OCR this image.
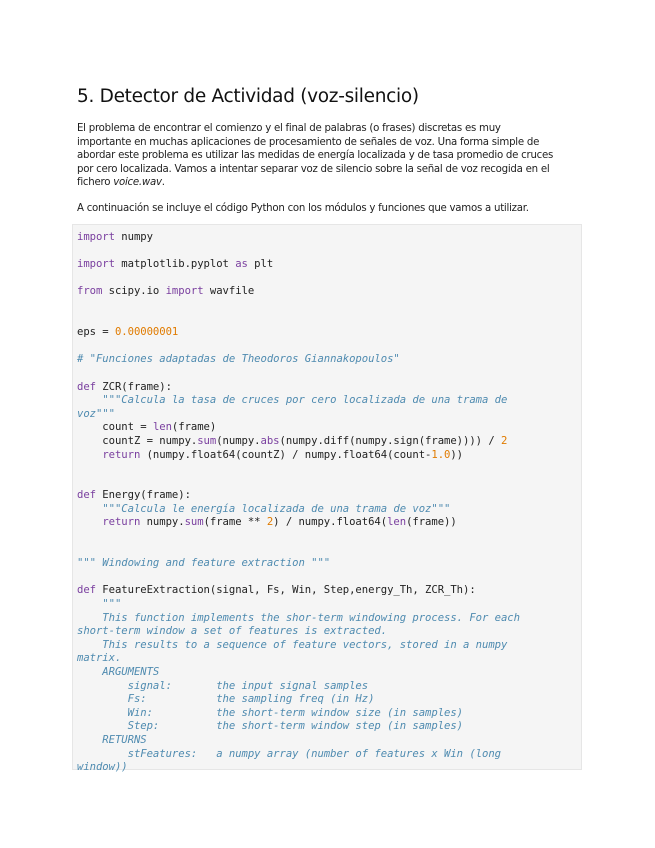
5. Detector de Actividad (voz-silencio)

El problema de encontrar el comienzo y el final de palabras (o frases) discretas es muy
importante en muchas aplicaciones de procesamiento de señales de voz. Una forma simple de
abordar este problema es utilizar las medidas de energía localizada y de tasa promedio de cruces
por cero localizada. Vamos a intentar separar voz de silencio sobre la señal de voz recogida en el
fichero voice.wav.

A continuación se incluye el código Python con los módulos y funciones que vamos a utilizar.

import numpy

import matplotlib.pyplot as plt

from scipy.io import wavfile

eps = 0.00000001

# "Funciones adaptadas de Theodoros Giannakopoulos"

def ZCR(frame):
"""Calcula la tasa de cruces por cero localizada de una trama de
voz"""
count = len(frame)
countZ = numpy.sum(numpy.abs(numpy.diff(numpy.sign(frame)))) / 2
return (numpy.float64(countZ) / numpy.float64(count-1.0))

def Energy(frame):
"""Calcula le energía localizada de una trama de voz"""
return numpy.sum(frame ** 2) / numpy.float64(len(frame))

""" Windowing and feature extraction """

def FeatureExtraction(signal, Fs, Win, Step,energy_Th, ZCR_Th):
"""
This function implements the shor-term windowing process. For each
short-term window a set of features is extracted.
This results to a sequence of feature vectors, stored in a numpy
matrix.
ARGUMENTS
signal:       the input signal samples
Fs:           the sampling freq (in Hz)
Win:          the short-term window size (in samples)
Step:         the short-term window step (in samples)
RETURNS
stFeatures:   a numpy array (number of features x Win (long
window))
